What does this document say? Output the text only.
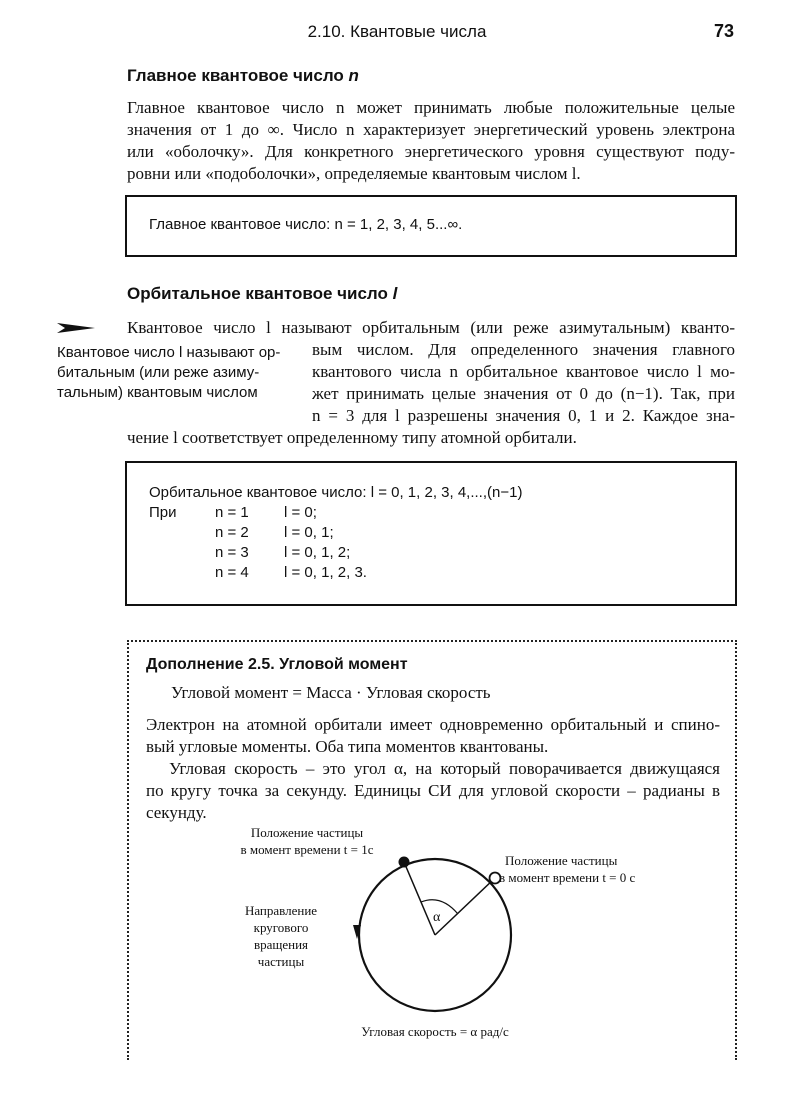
2.10. Квантовые числа	73
Главное квантовое число n
Главное квантовое число n может принимать любые положительные целые
значения от 1 до ∞. Число n характеризует энергетический уровень электрона
или «оболочку». Для конкретного энергетического уровня существуют поду-
ровни или «подоболочки», определяемые квантовым числом l.
Главное квантовое число: n = 1, 2, 3, 4, 5...∞.
Орбитальное квантовое число l
Квантовое число l называют ор-
битальным (или реже азиму-
тальным) квантовым числом
Квантовое число l называют орбитальным (или реже азимутальным) кванто-
вым числом. Для определенного значения главного
квантового числа n орбитальное квантовое число l мо-
жет принимать целые значения от 0 до (n−1). Так, при
n = 3 для l разрешены значения 0, 1 и 2. Каждое зна-
чение l соответствует определенному типу атомной орбитали.
Орбитальное квантовое число: l = 0, 1, 2, 3, 4,...,(n−1)
При	n = 1 l = 0;
n = 2 l = 0, 1;
n = 3 l = 0, 1, 2;
n = 4 l = 0, 1, 2, 3.
Дополнение 2.5. Угловой момент
Угловой момент = Масса · Угловая скорость
Электрон на атомной орбитали имеет одновременно орбитальный и спино-
вый угловые моменты. Оба типа моментов квантованы.
Угловая скорость – это угол α, на который поворачивается движущаяся
по кругу точка за секунду. Единицы СИ для угловой скорости – радианы в
секунду.
Положение частицы
в момент времени t = 1c
Положение частицы
в момент времени t = 0 с
Направление
кругового
вращения
частицы
α
Угловая скорость = α рад/с
